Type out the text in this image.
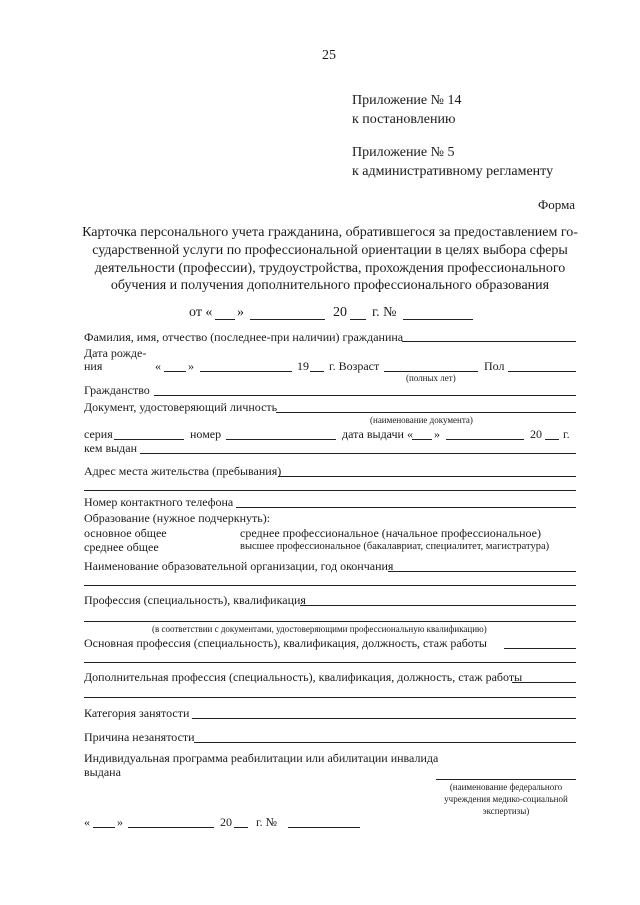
25
Приложение № 14
к постановлению
Приложение № 5
к административному регламенту
Форма
Карточка персонального учета гражданина, обратившегося за предоставлением го-
сударственной услуги по профессиональной ориентации в целях выбора сферы
деятельности (профессии), трудоустройства, прохождения профессионального
обучения и получения дополнительного профессионального образования
от « »	20 г. №
Фамилия, имя, отчество (последнее-при наличии) гражданина
Дата рожде-
ния	« »	19 г. Возраст	Пол
(полных лет)
Гражданство
Документ, удостоверяющий личность
(наименование документа)
серия	номер	дата выдачи « »	20 г.
кем выдан
Адрес места жительства (пребывания)
Номер контактного телефона
Образование (нужное подчеркнуть):
основное общее	среднее профессиональное (начальное профессиональное)
среднее общее	высшее профессиональное (бакалавриат, специалитет, магистратура)
Наименование образовательной организации, год окончания
Профессия (специальность), квалификация
(в соответствии с документами, удостоверяющими профессиональную квалификацию)
Основная профессия (специальность), квалификация, должность, стаж работы
Дополнительная профессия (специальность), квалификация, должность, стаж работы
Категория занятости
Причина незанятости
Индивидуальная программа реабилитации или абилитации инвалида
выдана
(наименование федерального
учреждения медико-социальной
экспертизы)
« »	20 г. №
